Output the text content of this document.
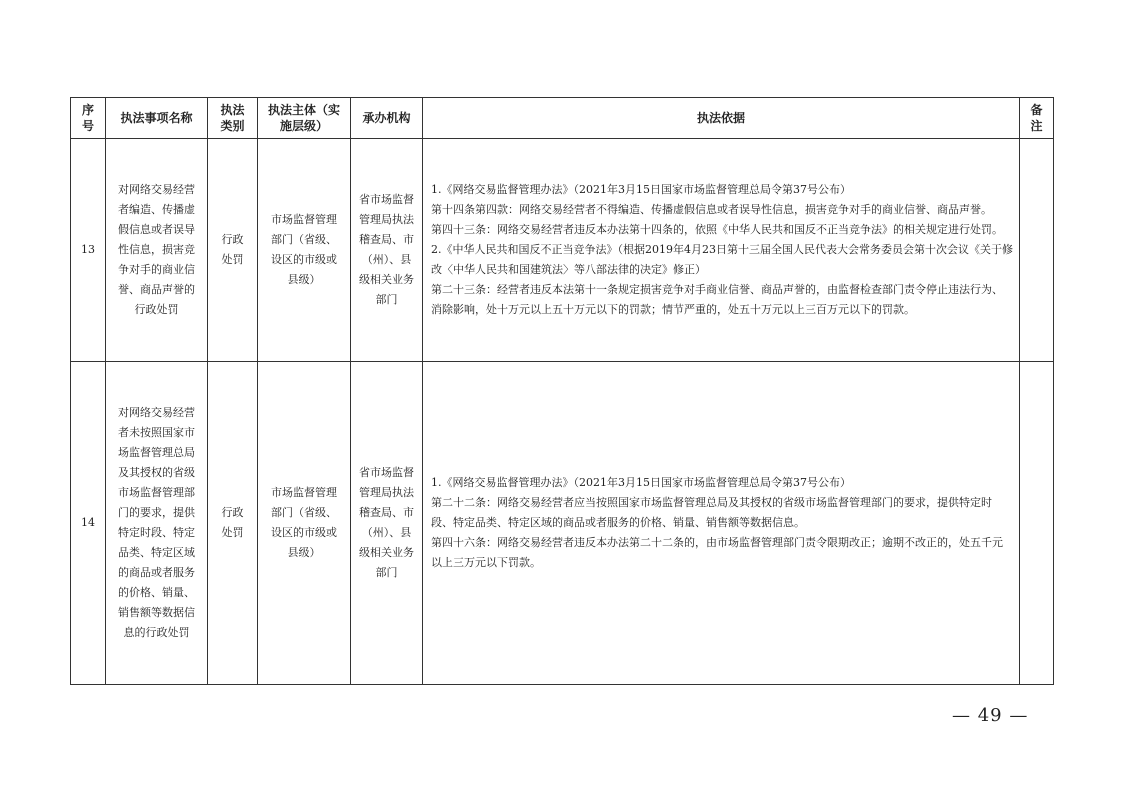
序号	执法事项名称	执法类别	执法主体（实施层级）	承办机构	执法依据	备注
13	对网络交易经营者编造、传播虚假信息或者误导性信息，损害竞争对手的商业信誉、商品声誉的行政处罚	行政处罚	市场监督管理部门（省级、设区的市级或县级）	省市场监督管理局执法稽查局、市（州）、县级相关业务部门	1.《网络交易监督管理办法》（2021年3月15日国家市场监督管理总局令第37号公布）
第十四条第四款：网络交易经营者不得编造、传播虚假信息或者误导性信息，损害竞争对手的商业信誉、商品声誉。
第四十三条：网络交易经营者违反本办法第十四条的，依照《中华人民共和国反不正当竞争法》的相关规定进行处罚。
2.《中华人民共和国反不正当竞争法》（根据2019年4月23日第十三届全国人民代表大会常务委员会第十次会议《关于修改〈中华人民共和国建筑法〉等八部法律的决定》修正）
第二十三条：经营者违反本法第十一条规定损害竞争对手商业信誉、商品声誉的，由监督检查部门责令停止违法行为、消除影响，处十万元以上五十万元以下的罚款；情节严重的，处五十万元以上三百万元以下的罚款。	

14	对网络交易经营者未按照国家市场监督管理总局及其授权的省级市场监督管理部门的要求，提供特定时段、特定品类、特定区域的商品或者服务的价格、销量、销售额等数据信息的行政处罚	行政处罚	市场监督管理部门（省级、设区的市级或县级）	省市场监督管理局执法稽查局、市（州）、县级相关业务部门	1.《网络交易监督管理办法》（2021年3月15日国家市场监督管理总局令第37号公布）
第二十二条：网络交易经营者应当按照国家市场监督管理总局及其授权的省级市场监督管理部门的要求，提供特定时段、特定品类、特定区域的商品或者服务的价格、销量、销售额等数据信息。
第四十六条：网络交易经营者违反本办法第二十二条的，由市场监督管理部门责令限期改正；逾期不改正的，处五千元以上三万元以下罚款。	

— 49 —
